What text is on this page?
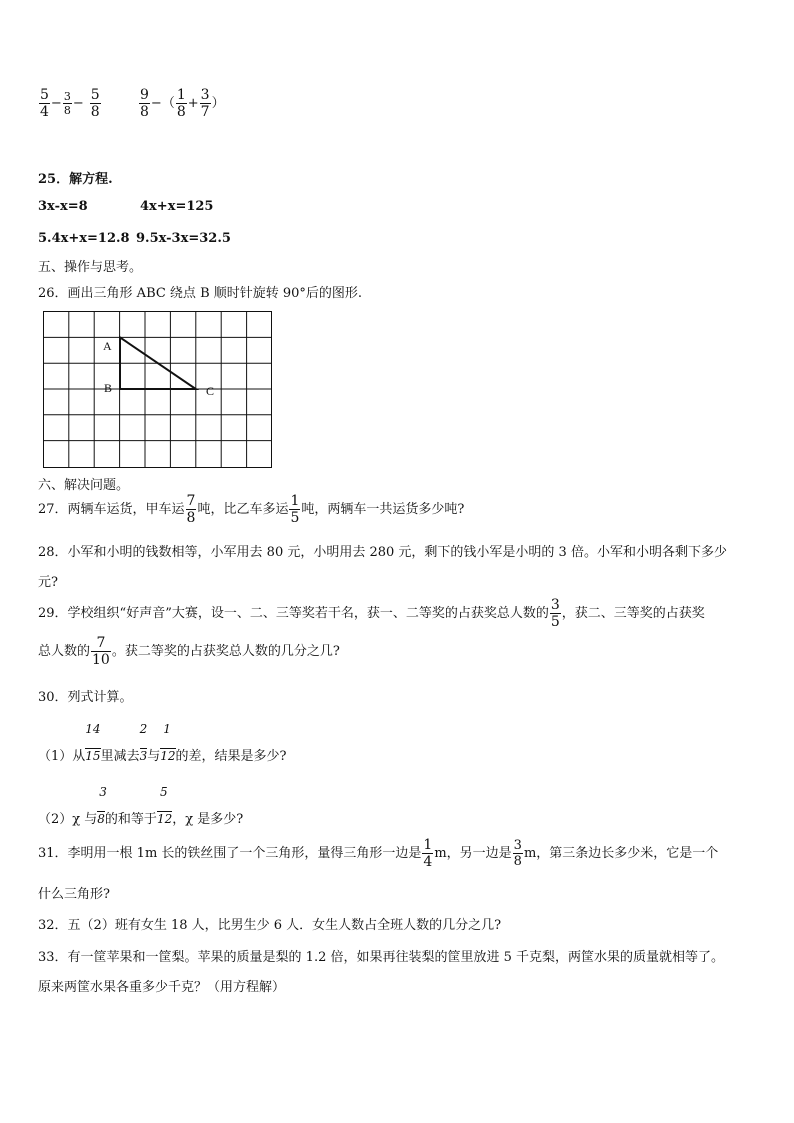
$\frac{5}{4} - \frac{3}{8} - \frac{5}{8}$	$\frac{9}{8}$ −（ $\frac{1}{8} + \frac{3}{7}$ ）
25．解方程.
3x-x=8	4x+x=125
5.4x+x=12.8 9.5x-3x=32.5
五、操作与思考。
26．画出三角形 ABC 绕点 B 顺时针旋转 90°后的图形.
A
B	C
六、解决问题。
27．两辆车运货，甲车运 $\frac{7}{8}$ 吨，比乙车多运 $\frac{1}{5}$ 吨，两辆车一共运货多少吨?
28．小军和小明的钱数相等，小军用去 80 元，小明用去 280 元，剩下的钱小军是小明的 3 倍。小军和小明各剩下多少
元?
29．学校组织“好声音”大赛，设一、二、三等奖若干名，获一、二等奖的占获奖总人数的 $\frac{3}{5}$ ，获二、三等奖的占获奖
总人数的 $\frac{7}{10}$ 。获二等奖的占获奖总人数的几分之几?
30．列式计算。
（1）从 $\frac{14}{15}$里减去 $\frac{2}{3}$与 $\frac{1}{12}$的差，结果是多少?
（2）χ 与 $\frac{3}{8}$的和等于 $\frac{5}{12}$，χ 是多少?
31．李明用一根 1m 长的铁丝围了一个三角形，量得三角形一边是 $\frac{1}{4}$ m，另一边是 $\frac{3}{8}$ m，第三条边长多少米，它是一个
什么三角形?
32．五（2）班有女生 18 人，比男生少 6 人．女生人数占全班人数的几分之几?
33．有一筐苹果和一筐梨。苹果的质量是梨的 1.2 倍，如果再往装梨的筐里放进 5 千克梨，两筐水果的质量就相等了。
原来两筐水果各重多少千克？（用方程解）
